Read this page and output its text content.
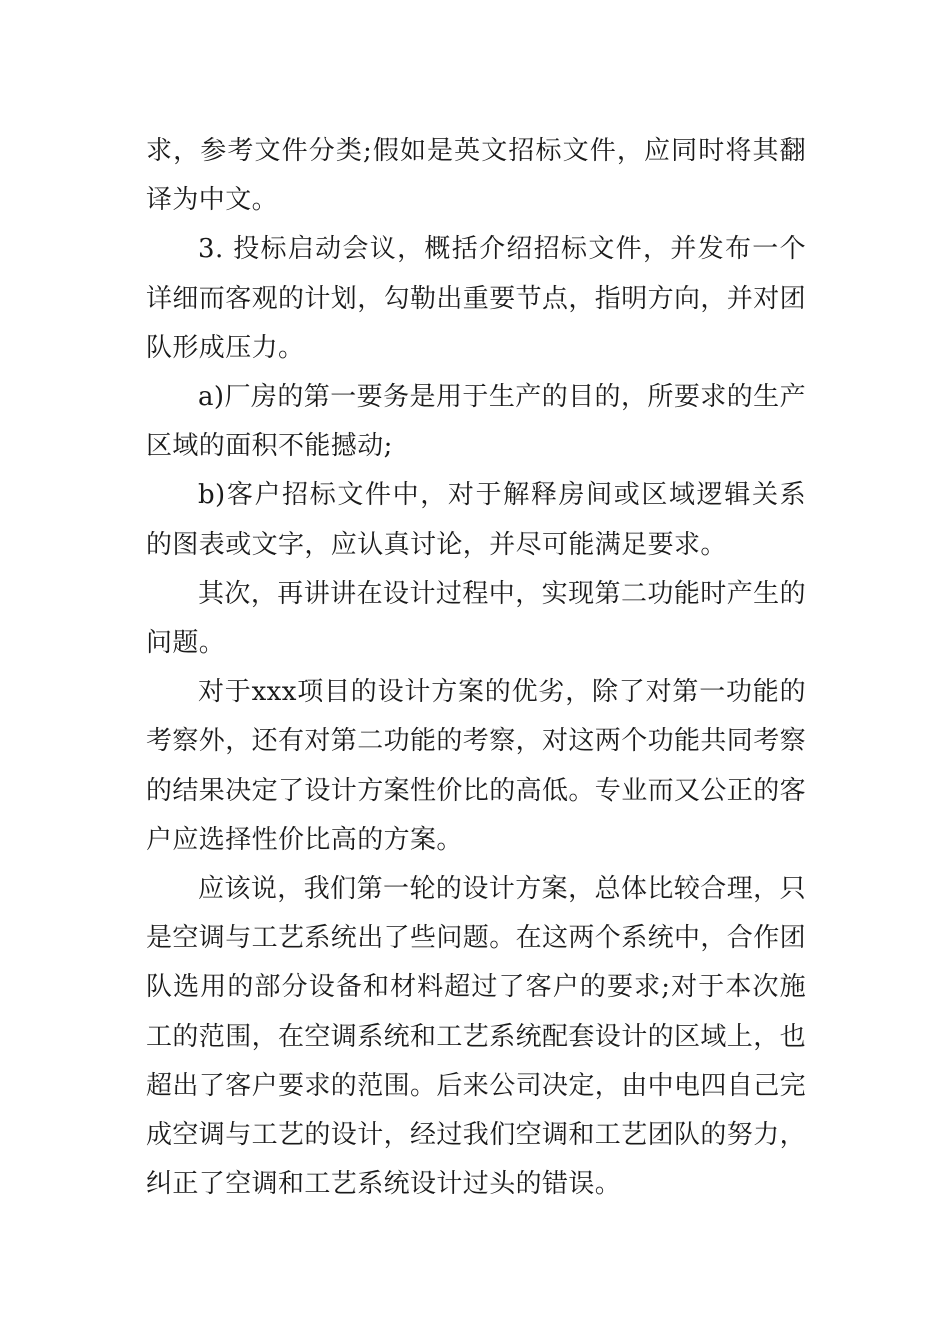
求，参考文件分类;假如是英文招标文件，应同时将其翻译为中文。

3. 投标启动会议，概括介绍招标文件，并发布一个详细而客观的计划，勾勒出重要节点，指明方向，并对团队形成压力。

a)厂房的第一要务是用于生产的目的，所要求的生产区域的面积不能撼动;

b)客户招标文件中，对于解释房间或区域逻辑关系的图表或文字，应认真讨论，并尽可能满足要求。

其次，再讲讲在设计过程中，实现第二功能时产生的问题。

对于xxx项目的设计方案的优劣，除了对第一功能的考察外，还有对第二功能的考察，对这两个功能共同考察的结果决定了设计方案性价比的高低。专业而又公正的客户应选择性价比高的方案。

应该说，我们第一轮的设计方案，总体比较合理，只是空调与工艺系统出了些问题。在这两个系统中，合作团队选用的部分设备和材料超过了客户的要求;对于本次施工的范围，在空调系统和工艺系统配套设计的区域上，也超出了客户要求的范围。后来公司决定，由中电四自己完成空调与工艺的设计，经过我们空调和工艺团队的努力，纠正了空调和工艺系统设计过头的错误。
